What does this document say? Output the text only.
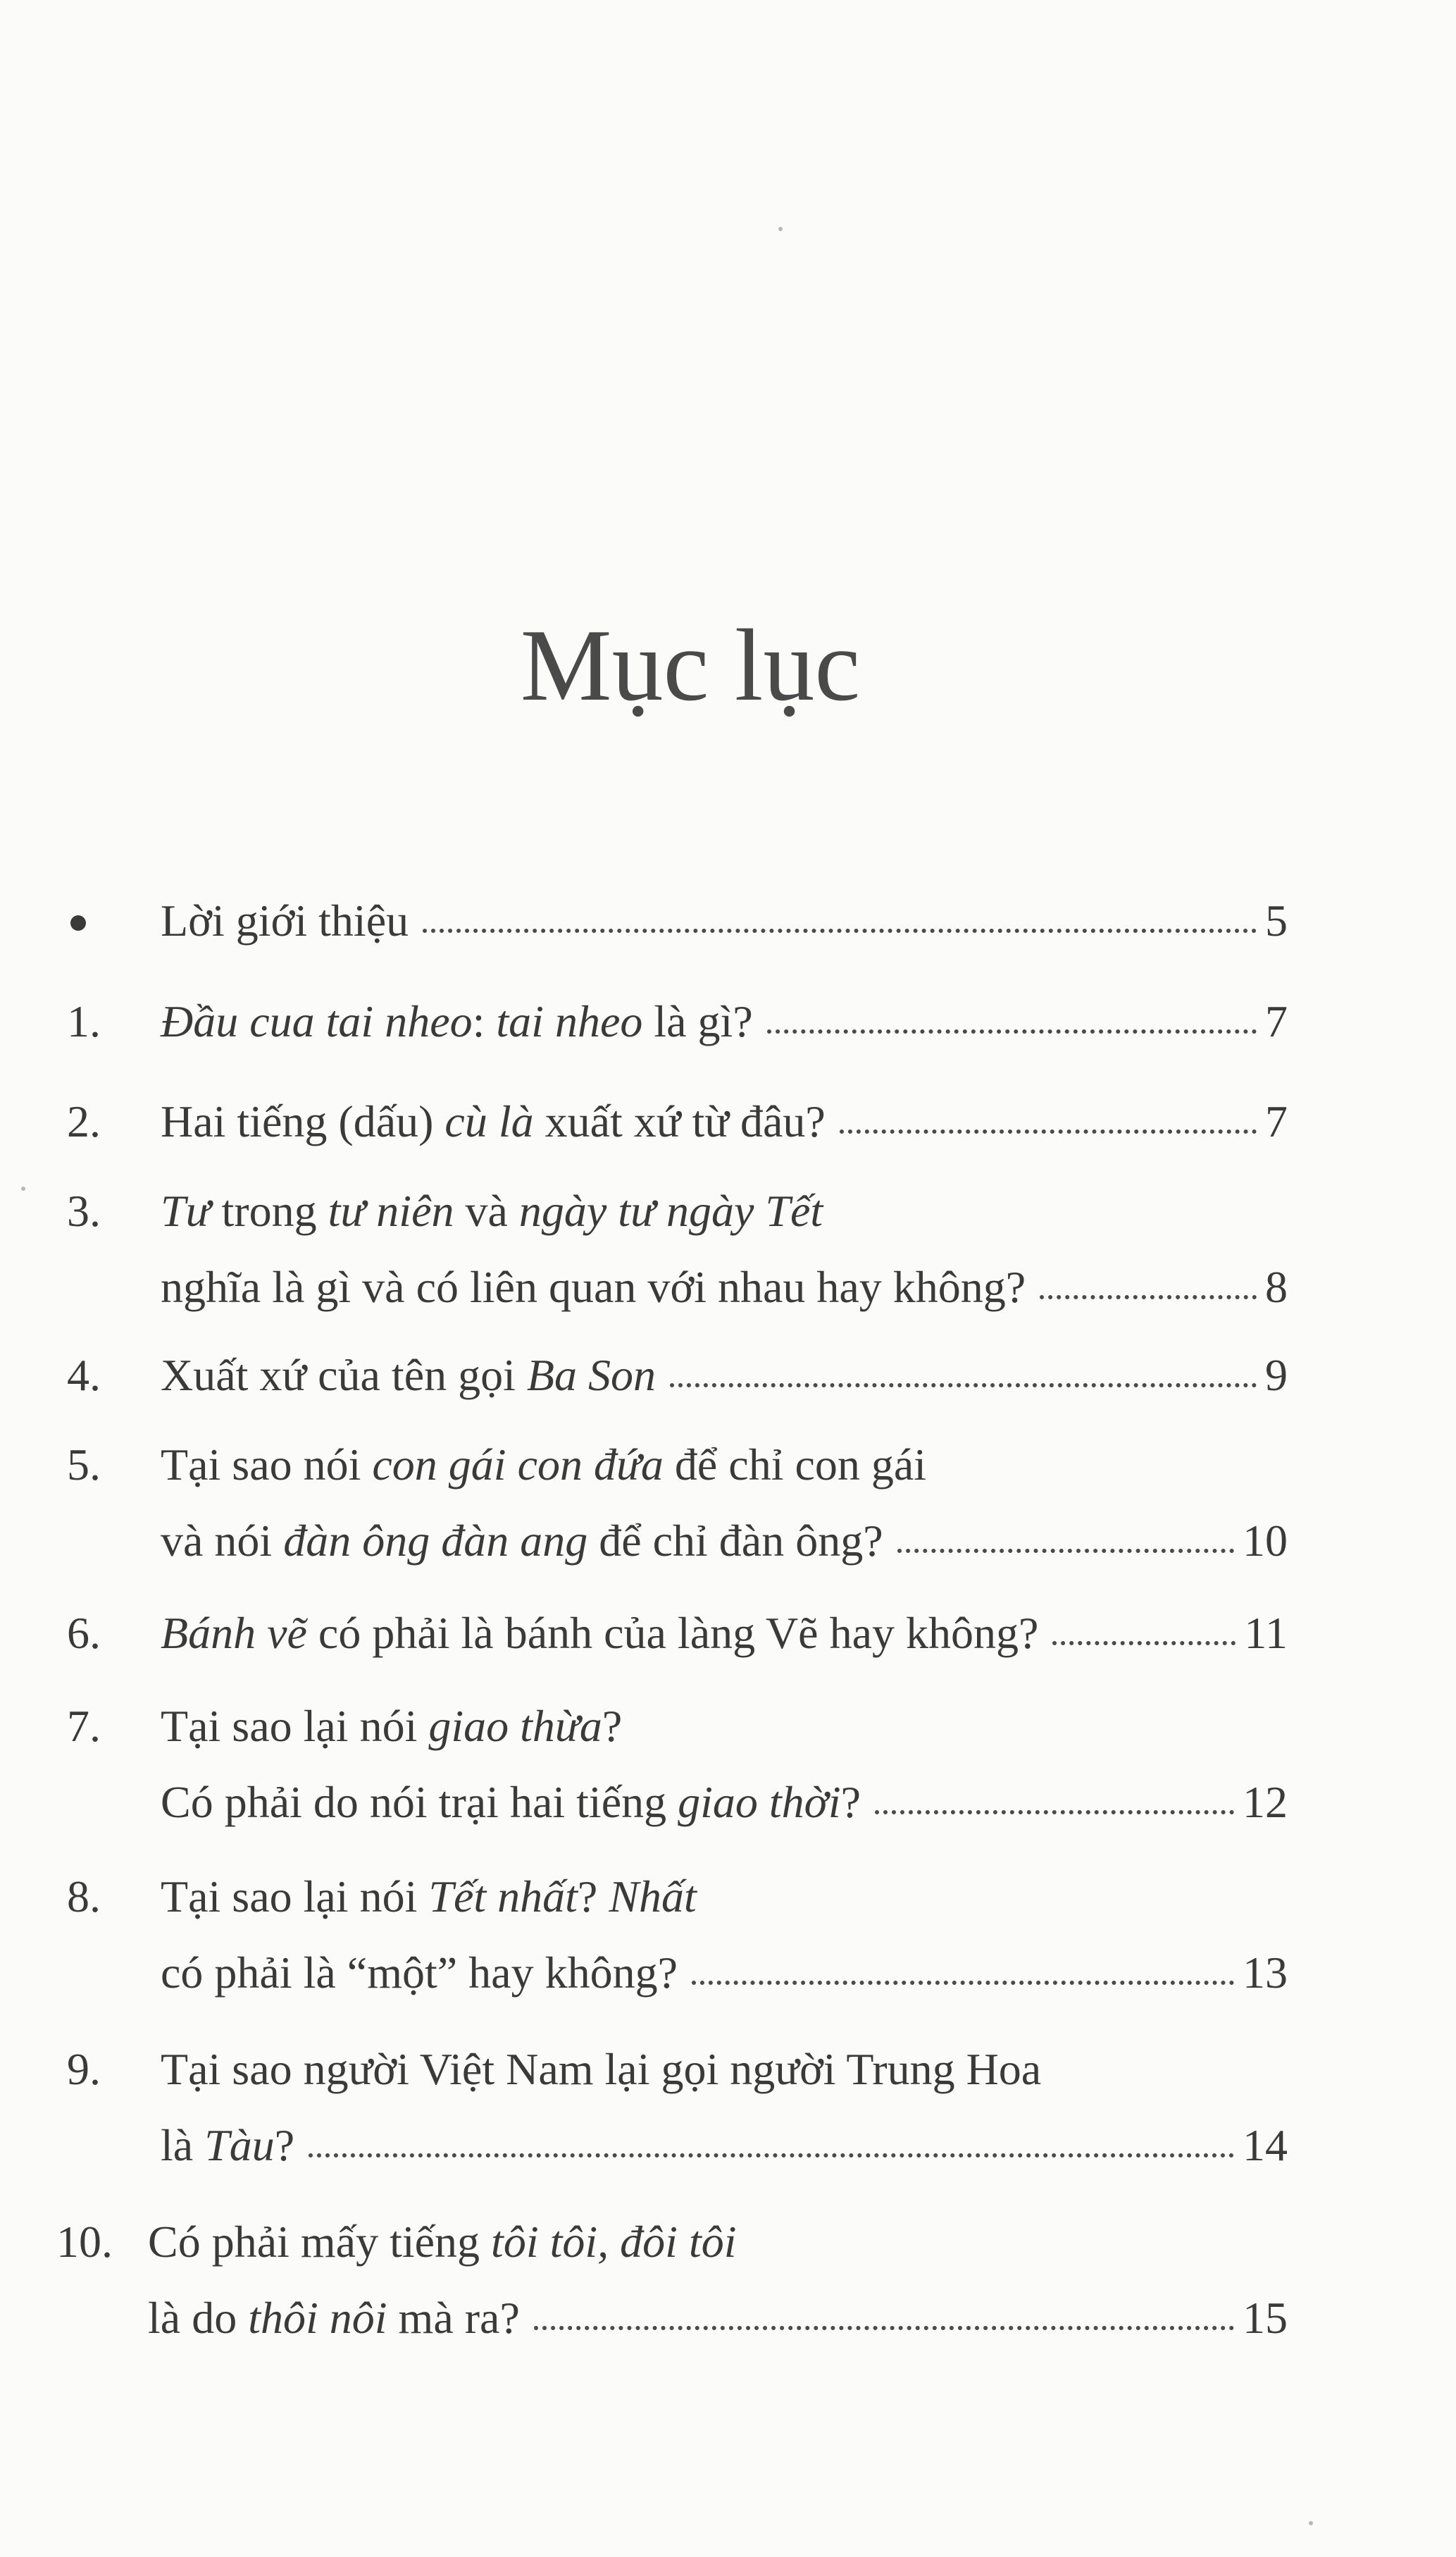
Mục lục
Lời giới thiệu	5
1.	Đầu cua tai nheo: tai nheo là gì?	7
2.	Hai tiếng (dấu) cù là xuất xứ từ đâu?	7
3.	Tư trong tư niên và ngày tư ngày Tết
nghĩa là gì và có liên quan với nhau hay không?	8
4.	Xuất xứ của tên gọi Ba Son	9
5.	Tại sao nói con gái con đứa để chỉ con gái
và nói đàn ông đàn ang để chỉ đàn ông?	10
6.	Bánh vẽ có phải là bánh của làng Vẽ hay không?	11
7.	Tại sao lại nói giao thừa?
Có phải do nói trại hai tiếng giao thời?	12
8.	Tại sao lại nói Tết nhất? Nhất
có phải là “một” hay không?	13
9.	Tại sao người Việt Nam lại gọi người Trung Hoa
là Tàu?	14
10. Có phải mấy tiếng tôi tôi, đôi tôi
là do thôi nôi mà ra?	15
